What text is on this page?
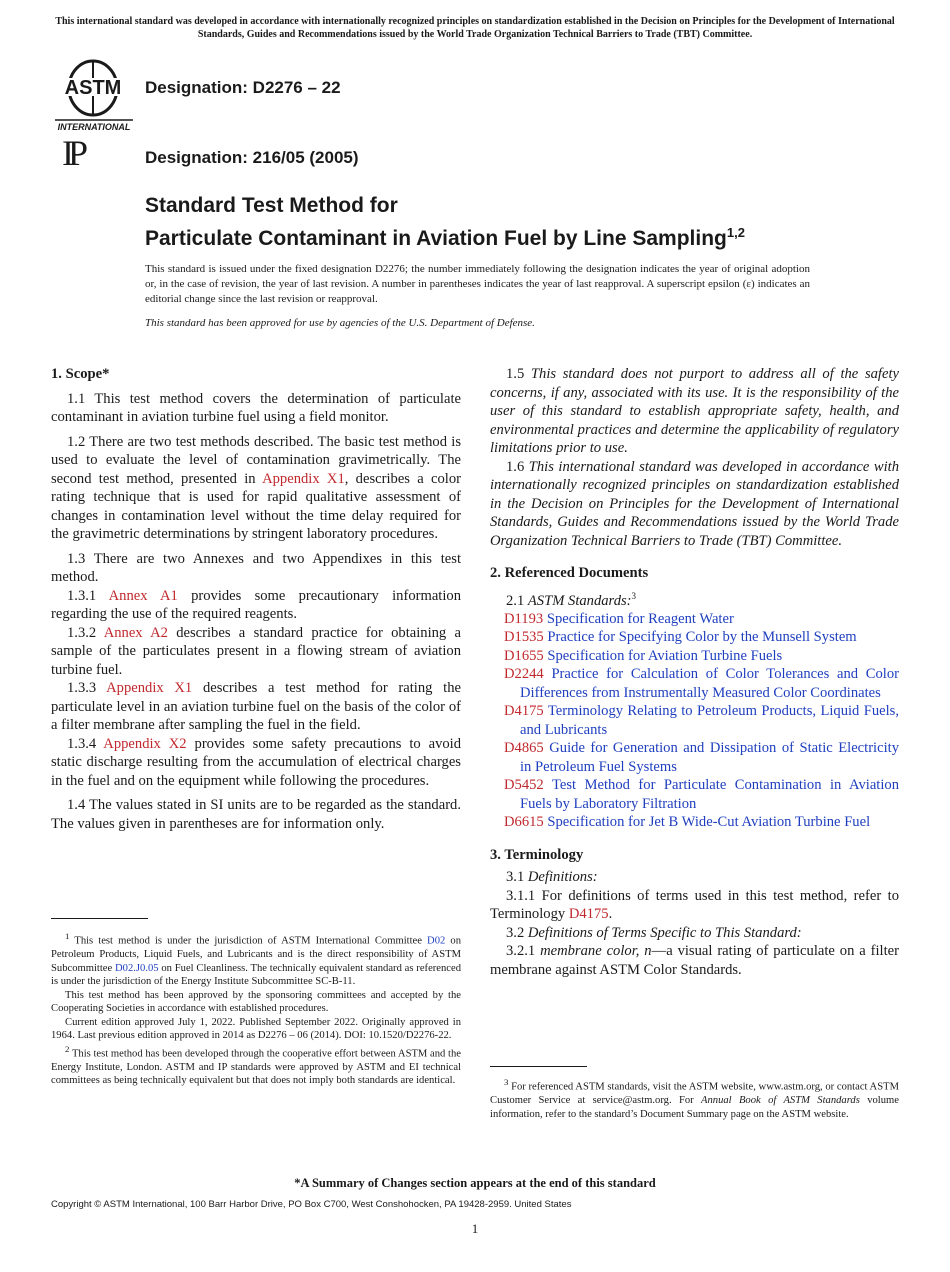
This international standard was developed in accordance with internationally recognized principles on standardization established in the Decision on Principles for the Development of International Standards, Guides and Recommendations issued by the World Trade Organization Technical Barriers to Trade (TBT) Committee.
ASTM
INTERNATIONAL
IP
Designation: D2276 – 22
Designation: 216/05 (2005)
Standard Test Method for
Particulate Contaminant in Aviation Fuel by Line Sampling$^{1,2}$
This standard is issued under the fixed designation D2276; the number immediately following the designation indicates the year of original adoption or, in the case of revision, the year of last revision. A number in parentheses indicates the year of last reapproval. A superscript epsilon (ε) indicates an editorial change since the last revision or reapproval.
This standard has been approved for use by agencies of the U.S. Department of Defense.
1. Scope*

1.1 This test method covers the determination of particulate contaminant in aviation turbine fuel using a field monitor.

1.2 There are two test methods described. The basic test method is used to evaluate the level of contamination gravimetrically. The second test method, presented in Appendix X1, describes a color rating technique that is used for rapid qualitative assessment of changes in contamination level without the time delay required for the gravimetric determinations by stringent laboratory procedures.

1.3 There are two Annexes and two Appendixes in this test method.

1.3.1 Annex A1 provides some precautionary information regarding the use of the required reagents.

1.3.2 Annex A2 describes a standard practice for obtaining a sample of the particulates present in a flowing stream of aviation turbine fuel.

1.3.3 Appendix X1 describes a test method for rating the particulate level in an aviation turbine fuel on the basis of the color of a filter membrane after sampling the fuel in the field.

1.3.4 Appendix X2 provides some safety precautions to avoid static discharge resulting from the accumulation of electrical charges in the fuel and on the equipment while following the procedures.

1.4 The values stated in SI units are to be regarded as the standard. The values given in parentheses are for information only.

$^1$ This test method is under the jurisdiction of ASTM International Committee D02 on Petroleum Products, Liquid Fuels, and Lubricants and is the direct responsibility of ASTM Subcommittee D02.J0.05 on Fuel Cleanliness. The technically equivalent standard as referenced is under the jurisdiction of the Energy Institute Subcommittee SC-B-11.

This test method has been approved by the sponsoring committees and accepted by the Cooperating Societies in accordance with established procedures.

Current edition approved July 1, 2022. Published September 2022. Originally approved in 1964. Last previous edition approved in 2014 as D2276 – 06 (2014). DOI: 10.1520/D2276-22.

$^2$ This test method has been developed through the cooperative effort between ASTM and the Energy Institute, London. ASTM and IP standards were approved by ASTM and EI technical committees as being technically equivalent but that does not imply both standards are identical.

1.5 This standard does not purport to address all of the safety concerns, if any, associated with its use. It is the responsibility of the user of this standard to establish appropriate safety, health, and environmental practices and determine the applicability of regulatory limitations prior to use.

1.6 This international standard was developed in accordance with internationally recognized principles on standardization established in the Decision on Principles for the Development of International Standards, Guides and Recommendations issued by the World Trade Organization Technical Barriers to Trade (TBT) Committee.

2. Referenced Documents

2.1 ASTM Standards:$^3$

D1193 Specification for Reagent Water

D1535 Practice for Specifying Color by the Munsell System

D1655 Specification for Aviation Turbine Fuels

D2244 Practice for Calculation of Color Tolerances and Color Differences from Instrumentally Measured Color Coordinates

D4175 Terminology Relating to Petroleum Products, Liquid Fuels, and Lubricants

D4865 Guide for Generation and Dissipation of Static Electricity in Petroleum Fuel Systems

D5452 Test Method for Particulate Contamination in Aviation Fuels by Laboratory Filtration

D6615 Specification for Jet B Wide-Cut Aviation Turbine Fuel

3. Terminology

3.1 Definitions:

3.1.1 For definitions of terms used in this test method, refer to Terminology D4175.

3.2 Definitions of Terms Specific to This Standard:

3.2.1 membrane color, n—a visual rating of particulate on a filter membrane against ASTM Color Standards.

$^3$ For referenced ASTM standards, visit the ASTM website, www.astm.org, or contact ASTM Customer Service at service@astm.org. For Annual Book of ASTM Standards volume information, refer to the standard’s Document Summary page on the ASTM website.

*A Summary of Changes section appears at the end of this standard
Copyright © ASTM International, 100 Barr Harbor Drive, PO Box C700, West Conshohocken, PA 19428-2959. United States
1
